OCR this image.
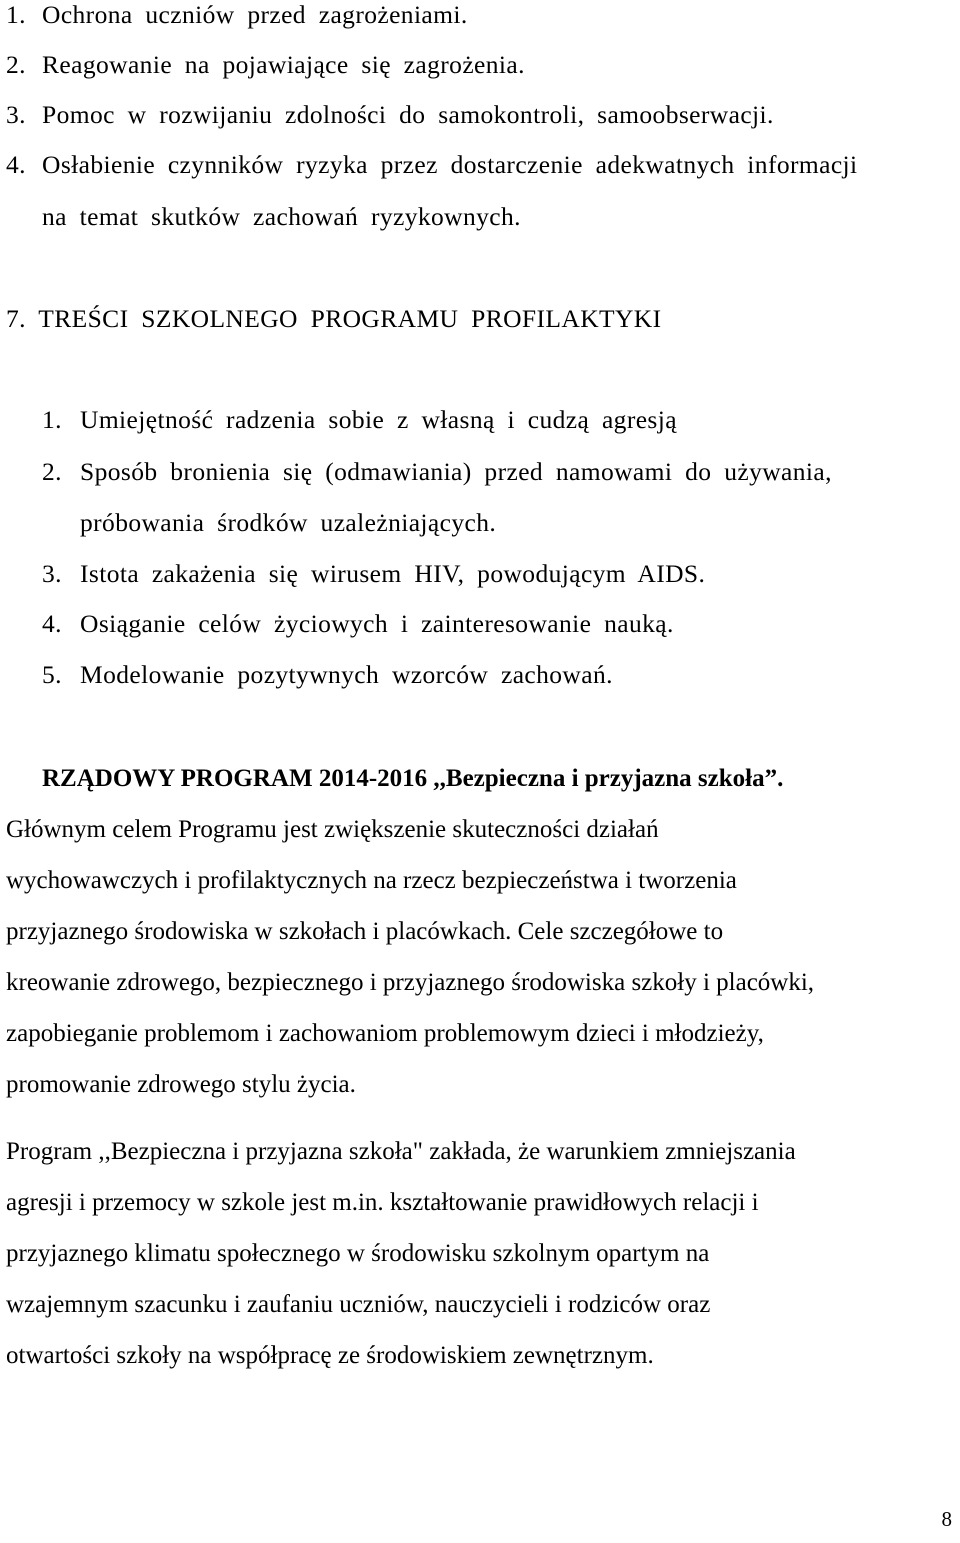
1. Ochrona uczniów przed zagrożeniami.
2. Reagowanie na pojawiające się zagrożenia.
3. Pomoc w rozwijaniu zdolności do samokontroli, samoobserwacji.
4. Osłabienie czynników ryzyka przez dostarczenie adekwatnych informacji
na temat skutków zachowań ryzykownych.
7. TREŚCI SZKOLNEGO PROGRAMU PROFILAKTYKI
1. Umiejętność radzenia sobie z własną i cudzą agresją
2. Sposób bronienia się (odmawiania) przed namowami do używania,
próbowania środków uzależniających.
3. Istota zakażenia się wirusem HIV, powodującym AIDS.
4. Osiąganie celów życiowych i zainteresowanie nauką.
5. Modelowanie pozytywnych wzorców zachowań.
RZĄDOWY PROGRAM 2014-2016 ,,Bezpieczna i przyjazna szkoła”.
Głównym celem Programu jest zwiększenie skuteczności działań
wychowawczych i profilaktycznych na rzecz bezpieczeństwa i tworzenia
przyjaznego środowiska w szkołach i placówkach. Cele szczegółowe to
kreowanie zdrowego, bezpiecznego i przyjaznego środowiska szkoły i placówki,
zapobieganie problemom i zachowaniom problemowym dzieci i młodzieży,
promowanie zdrowego stylu życia.
Program ,,Bezpieczna i przyjazna szkoła" zakłada, że warunkiem zmniejszania
agresji i przemocy w szkole jest m.in. kształtowanie prawidłowych relacji i
przyjaznego klimatu społecznego w środowisku szkolnym opartym na
wzajemnym szacunku i zaufaniu uczniów, nauczycieli i rodziców oraz
otwartości szkoły na współpracę ze środowiskiem zewnętrznym.
8
